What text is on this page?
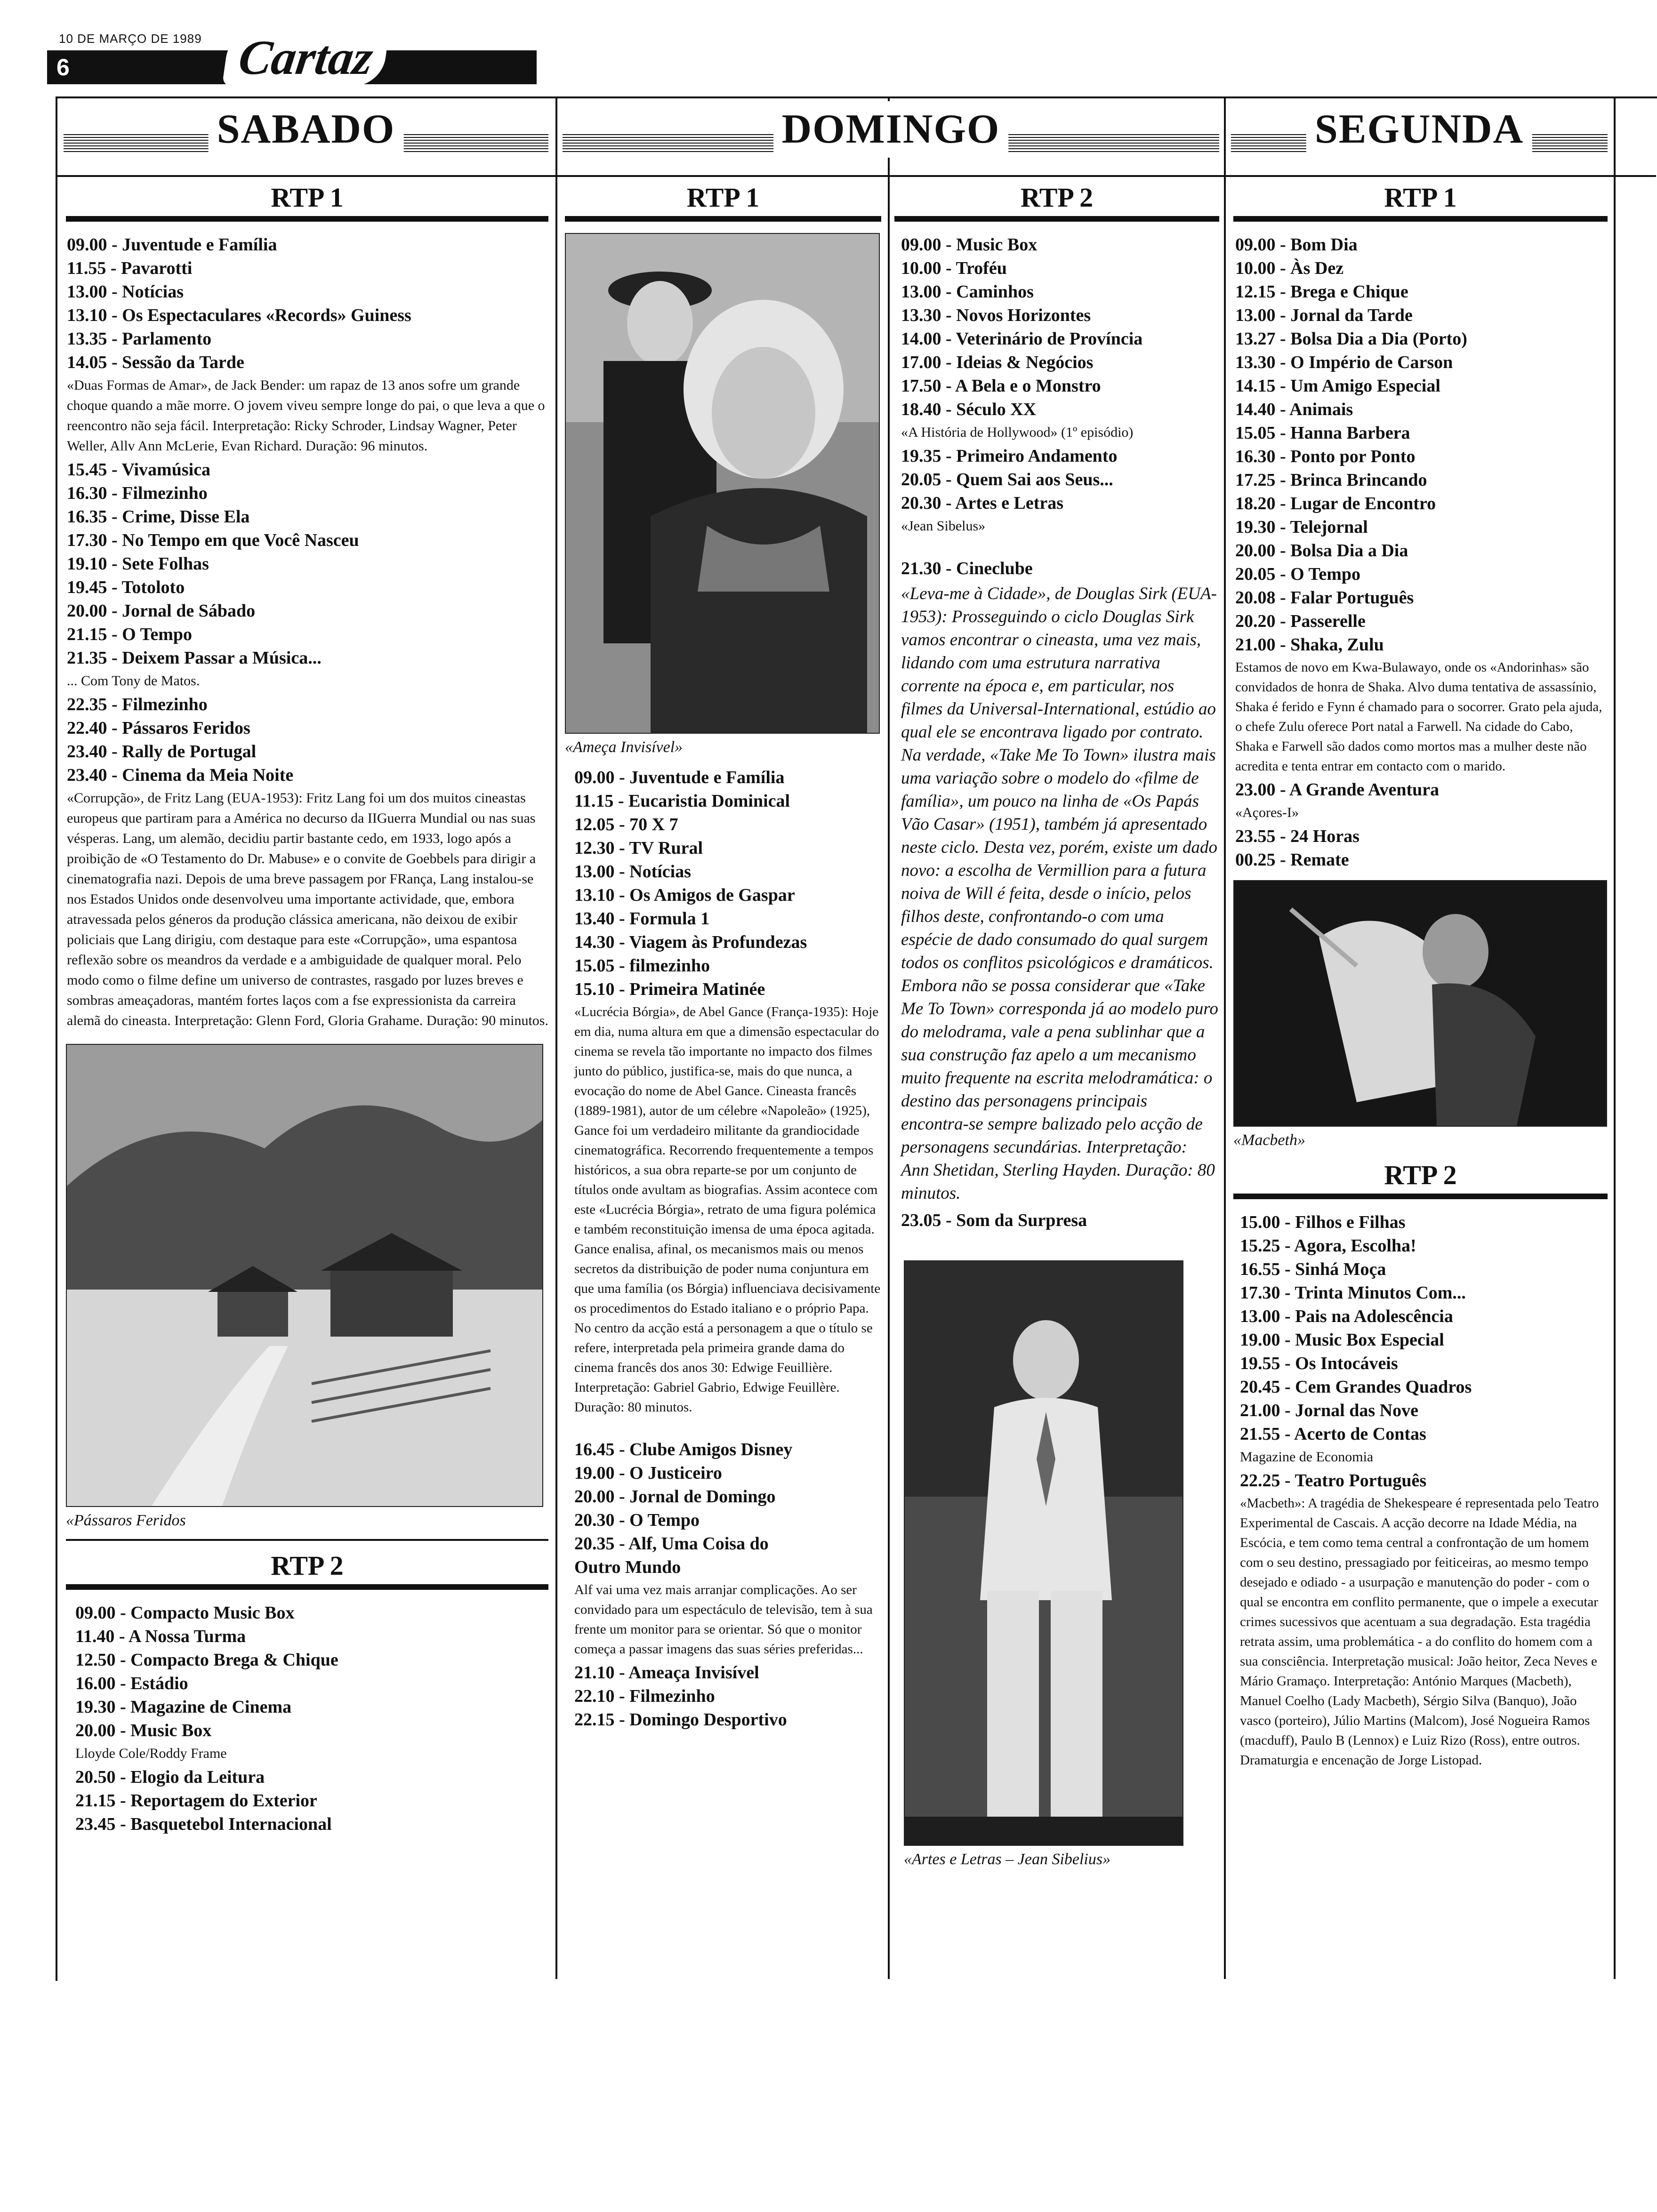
10 DE MARÇO DE 1989
6	Cartaz
SABADO	DOMINGO	SEGUNDA
RTP 1
09.00 - Juventude e Família
11.55 - Pavarotti
13.00 - Notícias
13.10 - Os Espectaculares «Records» Guiness
13.35 - Parlamento
14.05 - Sessão da Tarde
«Duas Formas de Amar», de Jack Bender: um rapaz de 13 anos sofre um grande choque quando a mãe morre. O jovem viveu sempre longe do pai, o que leva a que o reencontro não seja fácil. Interpretação: Ricky Schroder, Lindsay Wagner, Peter Weller, Allv Ann McLerie, Evan Richard. Duração: 96 minutos.
15.45 - Vivamúsica
16.30 - Filmezinho
16.35 - Crime, Disse Ela
17.30 - No Tempo em que Você Nasceu
19.10 - Sete Folhas
19.45 - Totoloto
20.00 - Jornal de Sábado
21.15 - O Tempo
21.35 - Deixem Passar a Música...
... Com Tony de Matos.
22.35 - Filmezinho
22.40 - Pássaros Feridos
23.40 - Rally de Portugal
23.40 - Cinema da Meia Noite
«Corrupção», de Fritz Lang (EUA-1953): Fritz Lang foi um dos muitos cineastas europeus que partiram para a América no decurso da IIGuerra Mundial ou nas suas vésperas. Lang, um alemão, decidiu partir bastante cedo, em 1933, logo após a proibição de «O Testamento do Dr. Mabuse» e o convite de Goebbels para dirigir a cinematografia nazi. Depois de uma breve passagem por FRança, Lang instalou-se nos Estados Unidos onde desenvolveu uma importante actividade, que, embora atravessada pelos géneros da produção clássica americana, não deixou de exibir policiais que Lang dirigiu, com destaque para este «Corrupção», uma espantosa reflexão sobre os meandros da verdade e a ambiguidade de qualquer moral. Pelo modo como o filme define um universo de contrastes, rasgado por luzes breves e sombras ameaçadoras, mantém fortes laços com a fse expressionista da carreira alemã do cineasta. Interpretação: Glenn Ford, Gloria Grahame. Duração: 90 minutos.
«Pássaros Feridos
RTP 2
09.00 - Compacto Music Box
11.40 - A Nossa Turma
12.50 - Compacto Brega & Chique
16.00 - Estádio
19.30 - Magazine de Cinema
20.00 - Music Box
Lloyde Cole/Roddy Frame
20.50 - Elogio da Leitura
21.15 - Reportagem do Exterior
23.45 - Basquetebol Internacional
RTP 1
«Ameça Invisível»
09.00 - Juventude e Família
11.15 - Eucaristia Dominical
12.05 - 70 X 7
12.30 - TV Rural
13.00 - Notícias
13.10 - Os Amigos de Gaspar
13.40 - Formula 1
14.30 - Viagem às Profundezas
15.05 - filmezinho
15.10 - Primeira Matinée
«Lucrécia Bórgia», de Abel Gance (França-1935): Hoje em dia, numa altura em que a dimensão espectacular do cinema se revela tão importante no impacto dos filmes junto do público, justifica-se, mais do que nunca, a evocação do nome de Abel Gance. Cineasta francês (1889-1981), autor de um célebre «Napoleão» (1925), Gance foi um verdadeiro militante da grandiocidade cinematográfica. Recorrendo frequentemente a tempos históricos, a sua obra reparte-se por um conjunto de títulos onde avultam as biografias. Assim acontece com este «Lucrécia Bórgia», retrato de uma figura polémica e também reconstituição imensa de uma época agitada. Gance enalisa, afinal, os mecanismos mais ou menos secretos da distribuição de poder numa conjuntura em que uma família (os Bórgia) influenciava decisivamente os procedimentos do Estado italiano e o próprio Papa. No centro da acção está a personagem a que o título se refere, interpretada pela primeira grande dama do cinema francês dos anos 30: Edwige Feuillière. Interpretação: Gabriel Gabrio, Edwige Feuillère. Duração: 80 minutos.
16.45 - Clube Amigos Disney
19.00 - O Justiceiro
20.00 - Jornal de Domingo
20.30 - O Tempo
20.35 - Alf, Uma Coisa do
Outro Mundo
Alf vai uma vez mais arranjar complicações. Ao ser convidado para um espectáculo de televisão, tem à sua frente um monitor para se orientar. Só que o monitor começa a passar imagens das suas séries preferidas...
21.10 - Ameaça Invisível
22.10 - Filmezinho
22.15 - Domingo Desportivo
RTP 2
09.00 - Music Box
10.00 - Troféu
13.00 - Caminhos
13.30 - Novos Horizontes
14.00 - Veterinário de Província
17.00 - Ideias & Negócios
17.50 - A Bela e o Monstro
18.40 - Século XX
«A História de Hollywood» (1º episódio)
19.35 - Primeiro Andamento
20.05 - Quem Sai aos Seus...
20.30 - Artes e Letras
«Jean Sibelus»
21.30 - Cineclube
«Leva-me à Cidade», de Douglas Sirk (EUA-1953): Prosseguindo o ciclo Douglas Sirk vamos encontrar o cineasta, uma vez mais, lidando com uma estrutura narrativa corrente na época e, em particular, nos filmes da Universal-International, estúdio ao qual ele se encontrava ligado por contrato. Na verdade, «Take Me To Town» ilustra mais uma variação sobre o modelo do «filme de família», um pouco na linha de «Os Papás Vão Casar» (1951), também já apresentado neste ciclo. Desta vez, porém, existe um dado novo: a escolha de Vermillion para a futura noiva de Will é feita, desde o início, pelos filhos deste, confrontando-o com uma espécie de dado consumado do qual surgem todos os conflitos psicológicos e dramáticos. Embora não se possa considerar que «Take Me To Town» corresponda já ao modelo puro do melodrama, vale a pena sublinhar que a sua construção faz apelo a um mecanismo muito frequente na escrita melodramática: o destino das personagens principais encontra-se sempre balizado pelo acção de personagens secundárias. Interpretação: Ann Shetidan, Sterling Hayden. Duração: 80 minutos.
23.05 - Som da Surpresa
«Artes e Letras – Jean Sibelius»
RTP 1
09.00 - Bom Dia
10.00 - Às Dez
12.15 - Brega e Chique
13.00 - Jornal da Tarde
13.27 - Bolsa Dia a Dia (Porto)
13.30 - O Império de Carson
14.15 - Um Amigo Especial
14.40 - Animais
15.05 - Hanna Barbera
16.30 - Ponto por Ponto
17.25 - Brinca Brincando
18.20 - Lugar de Encontro
19.30 - Telejornal
20.00 - Bolsa Dia a Dia
20.05 - O Tempo
20.08 - Falar Português
20.20 - Passerelle
21.00 - Shaka, Zulu
Estamos de novo em Kwa-Bulawayo, onde os «Andorinhas» são convidados de honra de Shaka. Alvo duma tentativa de assassínio, Shaka é ferido e Fynn é chamado para o socorrer. Grato pela ajuda, o chefe Zulu oferece Port natal a Farwell. Na cidade do Cabo, Shaka e Farwell são dados como mortos mas a mulher deste não acredita e tenta entrar em contacto com o marido.
23.00 - A Grande Aventura
«Açores-I»
23.55 - 24 Horas
00.25 - Remate
«Macbeth»
RTP 2
15.00 - Filhos e Filhas
15.25 - Agora, Escolha!
16.55 - Sinhá Moça
17.30 - Trinta Minutos Com...
13.00 - Pais na Adolescência
19.00 - Music Box Especial
19.55 - Os Intocáveis
20.45 - Cem Grandes Quadros
21.00 - Jornal das Nove
21.55 - Acerto de Contas
Magazine de Economia
22.25 - Teatro Português
«Macbeth»: A tragédia de Shekespeare é representada pelo Teatro Experimental de Cascais. A acção decorre na Idade Média, na Escócia, e tem como tema central a confrontação de um homem com o seu destino, pressagiado por feiticeiras, ao mesmo tempo desejado e odiado - a usurpação e manutenção do poder - com o qual se encontra em conflito permanente, que o impele a executar crimes sucessivos que acentuam a sua degradação. Esta tragédia retrata assim, uma problemática - a do conflito do homem com a sua consciência. Interpretação musical: João heitor, Zeca Neves e Mário Gramaço. Interpretação: António Marques (Macbeth), Manuel Coelho (Lady Macbeth), Sérgio Silva (Banquo), João vasco (porteiro), Júlio Martins (Malcom), José Nogueira Ramos (macduff), Paulo B (Lennox) e Luiz Rizo (Ross), entre outros. Dramaturgia e encenação de Jorge Listopad.
